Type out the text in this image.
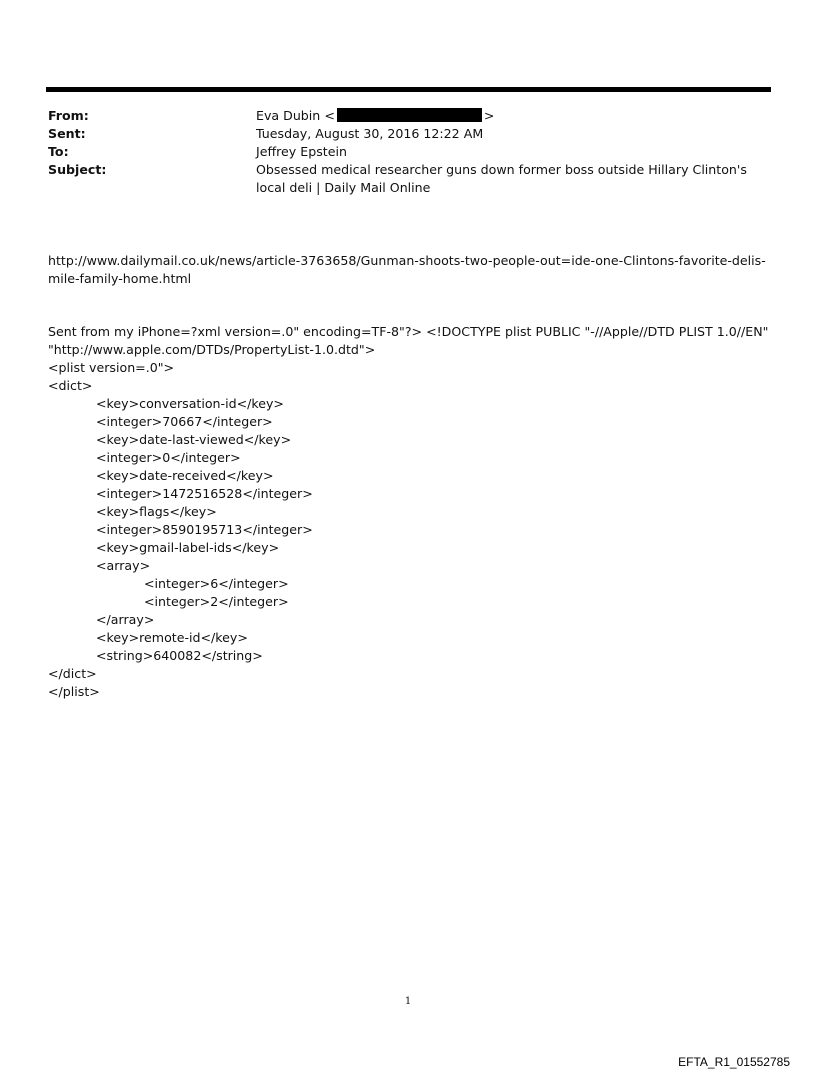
From:	Eva Dubin <	>
Sent:	Tuesday, August 30, 2016 12:22 AM
To:	Jeffrey Epstein
Subject:	Obsessed medical researcher guns down former boss outside Hillary Clinton's local deli | Daily Mail Online
http://www.dailymail.co.uk/news/article-3763658/Gunman-shoots-two-people-out=ide-one-Clintons-favorite-delis-mile-family-home.html
Sent from my iPhone=?xml version=.0" encoding=TF-8"?> <!DOCTYPE plist PUBLIC "-//Apple//DTD PLIST 1.0//EN"
"http://www.apple.com/DTDs/PropertyList-1.0.dtd">
<plist version=.0">
<dict>
<key>conversation-id</key>
<integer>70667</integer>
<key>date-last-viewed</key>
<integer>0</integer>
<key>date-received</key>
<integer>1472516528</integer>
<key>flags</key>
<integer>8590195713</integer>
<key>gmail-label-ids</key>
<array>
<integer>6</integer>
<integer>2</integer>
</array>
<key>remote-id</key>
<string>640082</string>
</dict>
</plist>
1
EFTA_R1_01552785
